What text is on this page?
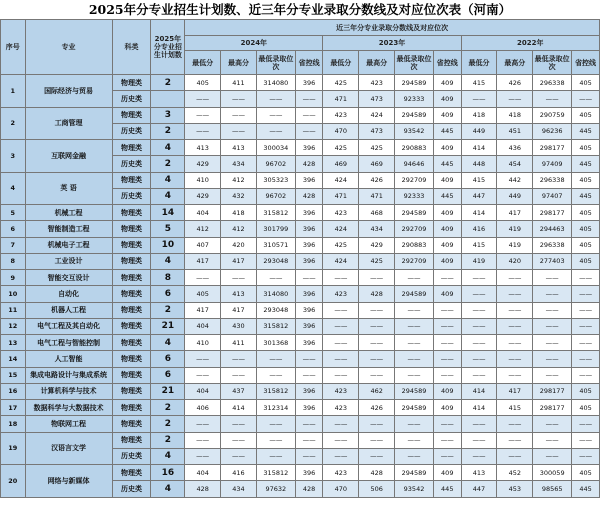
2025年分专业招生计划数、近三年分专业录取分数线及对应位次表（河南）
序号	专业	科类	2025年分专业招生计划数	近三年分专业录取分数线及对应位次											
				2024年				2023年				2022年			
				最低分	最高分	最低录取位次	省控线	最低分	最高分	最低录取位次	省控线	最低分	最高分	最低录取位次	省控线
1	国际经济与贸易	物理类	2	405	411	314080	396	425	423	294589	409	415	426	296338	405
		历史类		——	——	——	——	471	473	92333	409	——	——	——	——
2	工商管理	物理类	3	——	——	——	——	423	424	294589	409	418	418	290759	405
		历史类	2	——	——	——	——	470	473	93542	445	449	451	96236	445
3	互联网金融	物理类	4	413	413	300034	396	425	425	290883	409	414	436	298177	405
		历史类	2	429	434	96702	428	469	469	94646	445	448	454	97409	445
4	英 语	物理类	4	410	412	305323	396	424	426	292709	409	415	442	296338	405
		历史类	4	429	432	96702	428	471	471	92333	445	447	449	97407	445
5	机械工程	物理类	14	404	418	315812	396	423	468	294589	409	414	417	298177	405
6	智能制造工程	物理类	5	412	412	301799	396	424	434	292709	409	416	419	294463	405
7	机械电子工程	物理类	10	407	420	310571	396	425	429	290883	409	415	419	296338	405
8	工业设计	物理类	4	417	417	293048	396	424	425	292709	409	419	420	277403	405
9	智能交互设计	物理类	8	——	——	——	——	——	——	——	——	——	——	——	——
10	自动化	物理类	6	405	413	314080	396	423	428	294589	409	——	——	——	——
11	机器人工程	物理类	2	417	417	293048	396	——	——	——	——	——	——	——	——
12	电气工程及其自动化	物理类	21	404	430	315812	396	——	——	——	——	——	——	——	——
13	电气工程与智能控制	物理类	4	410	411	301368	396	——	——	——	——	——	——	——	——
14	人工智能	物理类	6	——	——	——	——	——	——	——	——	——	——	——	——
15	集成电路设计与集成系统	物理类	6	——	——	——	——	——	——	——	——	——	——	——	——
16	计算机科学与技术	物理类	21	404	437	315812	396	423	462	294589	409	414	417	298177	405
17	数据科学与大数据技术	物理类	2	406	414	312314	396	423	426	294589	409	414	415	298177	405
18	物联网工程	物理类	2	——	——	——	——	——	——	——	——	——	——	——	——
19	汉语言文学	物理类	2	——	——	——	——	——	——	——	——	——	——	——	——
		历史类	4	——	——	——	——	——	——	——	——	——	——	——	——
20	网络与新媒体	物理类	16	404	416	315812	396	423	428	294589	409	413	452	300059	405
		历史类	4	428	434	97632	428	470	506	93542	445	447	453	98565	445
